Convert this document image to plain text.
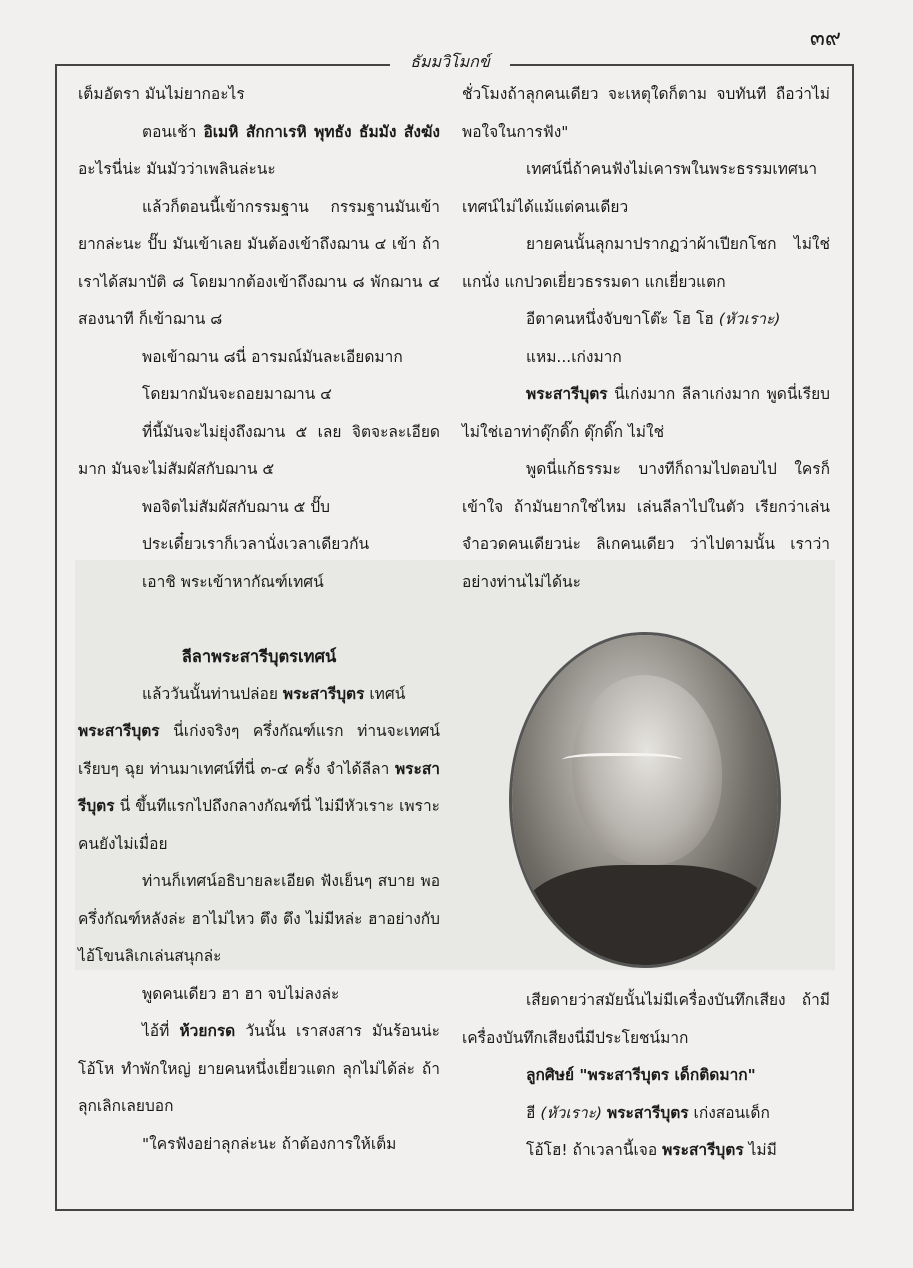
๓๙
ธัมมวิโมกข์

เต็มอัตรา มันไม่ยากอะไร

ตอนเช้า อิเมหิ สักกาเรหิ พุทธัง ธัมมัง สังฆัง อะไรนี่น่ะ มันมัวว่าเพลินล่ะนะ

แล้วก็ตอนนี้เข้ากรรมฐาน กรรมฐานมันเข้ายากล่ะนะ ปั๊บ มันเข้าเลย มันต้องเข้าถึงฌาน ๔ เข้า ถ้าเราได้สมาบัติ ๘ โดยมากต้องเข้าถึงฌาน ๘ พักฌาน ๔ สองนาที ก็เข้าฌาน ๘

พอเข้าฌาน ๘นี่ อารมณ์มันละเอียดมาก

โดยมากมันจะถอยมาฌาน ๔

ที่นี้มันจะไม่ยุ่งถึงฌาน ๕ เลย จิตจะละเอียดมาก มันจะไม่สัมผัสกับฌาน ๕

พอจิตไม่สัมผัสกับฌาน ๕ ปั๊บ

ประเดี๋ยวเราก็เวลานั่งเวลาเดียวกัน

เอาชิ พระเข้าหากัณฑ์เทศน์

ลีลาพระสารีบุตรเทศน์

แล้ววันนั้นท่านปล่อย พระสารีบุตร เทศน์

พระสารีบุตร นี่เก่งจริงๆ ครึ่งกัณฑ์แรก ท่านจะเทศน์เรียบๆ ฉุย ท่านมาเทศน์ที่นี่ ๓-๔ ครั้ง จำได้ลีลา พระสารีบุตร นี่ ขึ้นทีแรกไปถึงกลางกัณฑ์นี่ ไม่มีหัวเราะ เพราะคนยังไม่เมื่อย

ท่านก็เทศน์อธิบายละเอียด ฟังเย็นๆ สบาย พอครึ่งกัณฑ์หลังล่ะ ฮาไม่ไหว ตึง ตึง ไม่มีหล่ะ ฮาอย่างกับไอ้โขนลิเกเล่นสนุกล่ะ

พูดคนเดียว ฮา ฮา จบไม่ลงล่ะ

ไอ้ที่ ห้วยกรด วันนั้น เราสงสาร มันร้อนน่ะ โอ้โห ทำพักใหญ่ ยายคนหนึ่งเยี่ยวแตก ลุกไม่ได้ล่ะ ถ้าลุกเลิกเลยบอก

"ใครฟังอย่าลุกล่ะนะ ถ้าต้องการให้เต็ม

ชั่วโมงถ้าลุกคนเดียว จะเหตุใดก็ตาม จบทันที ถือว่าไม่พอใจในการฟัง"

เทศน์นี่ถ้าคนฟังไม่เคารพในพระธรรมเทศนา เทศน์ไม่ได้แม้แต่คนเดียว

ยายคนนั้นลุกมาปรากฏว่าผ้าเปียกโชก ไม่ใช่แกนั่ง แกปวดเยี่ยวธรรมดา แกเยี่ยวแตก

อีตาคนหนึ่งจับขาโต๊ะ โฮ โฮ (หัวเราะ)

แหม...เก่งมาก

พระสารีบุตร นี่เก่งมาก ลีลาเก่งมาก พูดนี่เรียบ ไม่ใช่เอาท่าดุ๊กดิ๊ก ดุ๊กดิ๊ก ไม่ใช่

พูดนี่แก้ธรรมะ บางทีก็ถามไปตอบไป ใครก็เข้าใจ ถ้ามันยากใช่ไหม เล่นลีลาไปในตัว เรียกว่าเล่นจำอวดคนเดียวน่ะ ลิเกคนเดียว ว่าไปตามนั้น เราว่าอย่างท่านไม่ได้นะ

เสียดายว่าสมัยนั้นไม่มีเครื่องบันทึกเสียง ถ้ามีเครื่องบันทึกเสียงนี่มีประโยชน์มาก

ลูกศิษย์ "พระสารีบุตร เด็กติดมาก"

ฮี (หัวเราะ) พระสารีบุตร เก่งสอนเด็ก

โอ้โฮ! ถ้าเวลานี้เจอ พระสารีบุตร ไม่มี
